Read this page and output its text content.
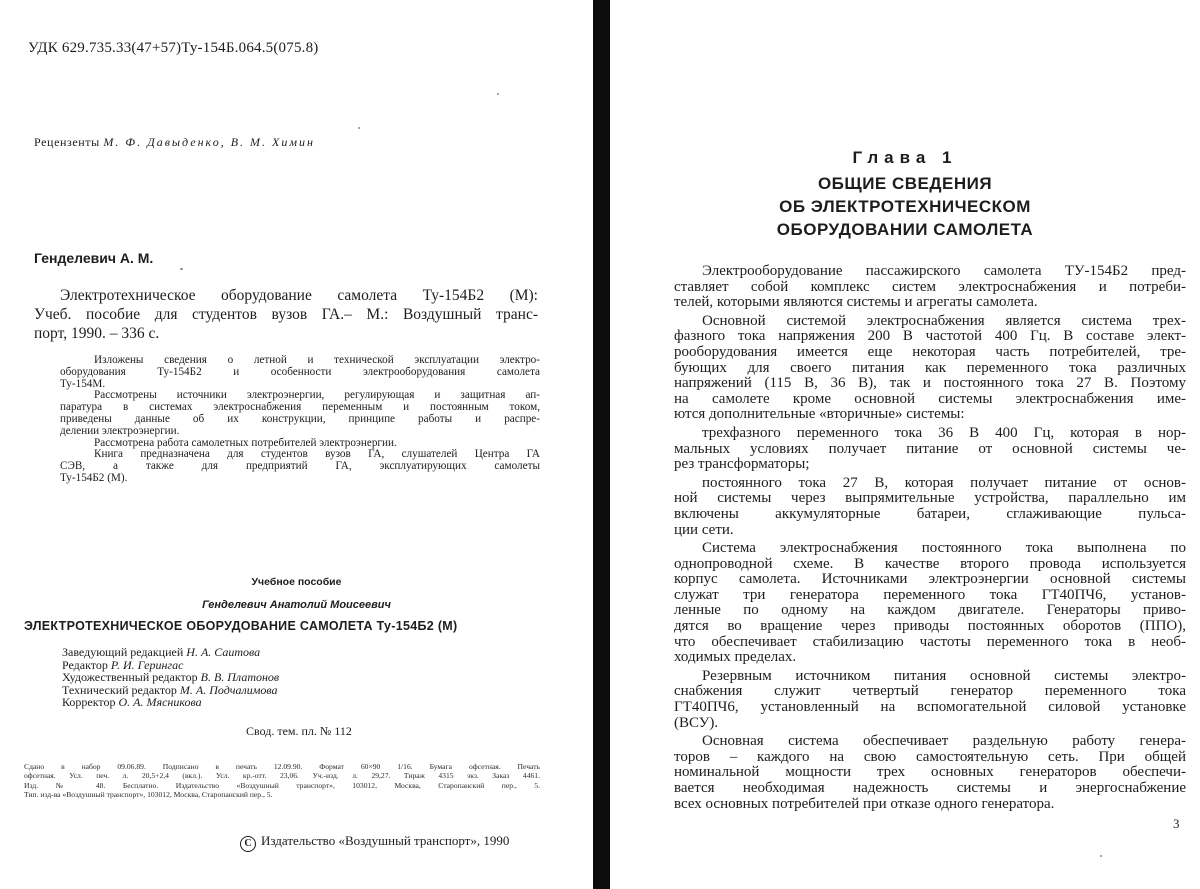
УДК 629.735.33(47+57)Ту-154Б.064.5(075.8)

Рецензенты М. Ф. Давыденко, В. М. Химин

Генделевич А. М.

Электротехническое оборудование самолета Ту-154Б2 (М):
Учеб. пособие для студентов вузов ГА.– М.: Воздушный транс-
порт, 1990. – 336 с.
Изложены сведения о летной и технической эксплуатации электро-
оборудования Ту-154Б2 и особенности электрооборудования самолета
Ту-154М.
Рассмотрены источники электроэнергии, регулирующая и защитная ап-
паратура в системах электроснабжения переменным и постоянным током,
приведены данные об их конструкции, принципе работы и распре-
делении электроэнергии.
Рассмотрена работа самолетных потребителей электроэнергии.
Книга предназначена для студентов вузов ГА, слушателей Центра ГА
СЭВ, а также для предприятий ГА, эксплуатирующих самолеты
Ту-154Б2 (М).

Учебное пособие

Генделевич Анатолий Моисеевич

ЭЛЕКТРОТЕХНИЧЕСКОЕ ОБОРУДОВАНИЕ САМОЛЕТА Ту-154Б2 (М)

Заведующий редакцией Н. А. Саитова
Редактор Р. И. Герингас
Художественный редактор В. В. Платонов
Технический редактор М. А. Подчалимова
Корректор О. А. Мясникова

Свод. тем. пл. № 112

Сдано в набор 09.06.89. Подписано в печать 12.09.90. Формат 60×90 1/16. Бумага офсетная. Печать
офсетная. Усл. печ. л. 20,5+2,4 (вкл.). Усл. кр.-отт. 23,06. Уч.-изд. л. 29,27. Тираж 4315 экз. Заказ 4461.
Изд. № 48. Бесплатно. Издательство «Воздушный транспорт», 103012, Москва, Старопанский пер., 5.
Тип. изд-ва «Воздушный транспорт», 103012, Москва, Старопанский пер., 5.

C Издательство «Воздушный транспорт», 1990

Глава 1

ОБЩИЕ СВЕДЕНИЯ
ОБ ЭЛЕКТРОТЕХНИЧЕСКОМ
ОБОРУДОВАНИИ САМОЛЕТА
Электрооборудование пассажирского самолета ТУ-154Б2 пред-
ставляет собой комплекс систем электроснабжения и потреби-
телей, которыми являются системы и агрегаты самолета.
Основной системой электроснабжения является система трех-
фазного тока напряжения 200 В частотой 400 Гц. В составе элект-
рооборудования имеется еще некоторая часть потребителей, тре-
бующих для своего питания как переменного тока различных
напряжений (115 В, 36 В), так и постоянного тока 27 В. Поэтому
на самолете кроме основной системы электроснабжения име-
ются дополнительные «вторичные» системы:
трехфазного переменного тока 36 В 400 Гц, которая в нор-
мальных условиях получает питание от основной системы че-
рез трансформаторы;
постоянного тока 27 В, которая получает питание от основ-
ной системы через выпрямительные устройства, параллельно им
включены аккумуляторные батареи, сглаживающие пульса-
ции сети.
Система электроснабжения постоянного тока выполнена по
однопроводной схеме. В качестве второго провода используется
корпус самолета. Источниками электроэнергии основной системы
служат три генератора переменного тока ГТ40ПЧ6, установ-
ленные по одному на каждом двигателе. Генераторы приво-
дятся во вращение через приводы постоянных оборотов (ППО),
что обеспечивает стабилизацию частоты переменного тока в необ-
ходимых пределах.
Резервным источником питания основной системы электро-
снабжения служит четвертый генератор переменного тока
ГТ40ПЧ6, установленный на вспомогательной силовой установке
(ВСУ).
Основная система обеспечивает раздельную работу генера-
торов – каждого на свою самостоятельную сеть. При общей
номинальной мощности трех основных генераторов обеспечи-
вается необходимая надежность системы и энергоснабжение
всех основных потребителей при отказе одного генератора.

3
